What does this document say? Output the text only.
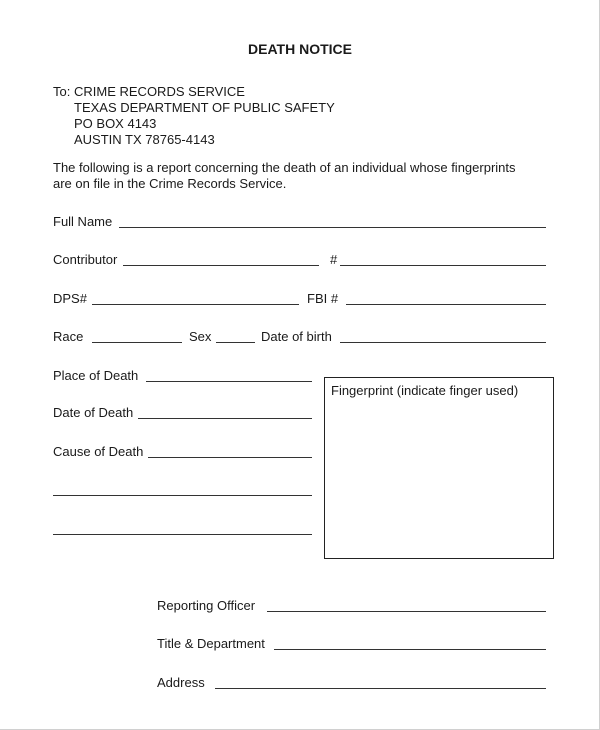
DEATH NOTICE
To: CRIME RECORDS SERVICE
TEXAS DEPARTMENT OF PUBLIC SAFETY
PO BOX 4143
AUSTIN TX 78765-4143
The following is a report concerning the death of an individual whose fingerprints
are on file in the Crime Records Service.
Full Name
Contributor	#
DPS#	FBI #
Race	Sex	Date of birth
Place of Death
Date of Death
Cause of Death
Fingerprint (indicate finger used)
Reporting Officer
Title & Department
Address
